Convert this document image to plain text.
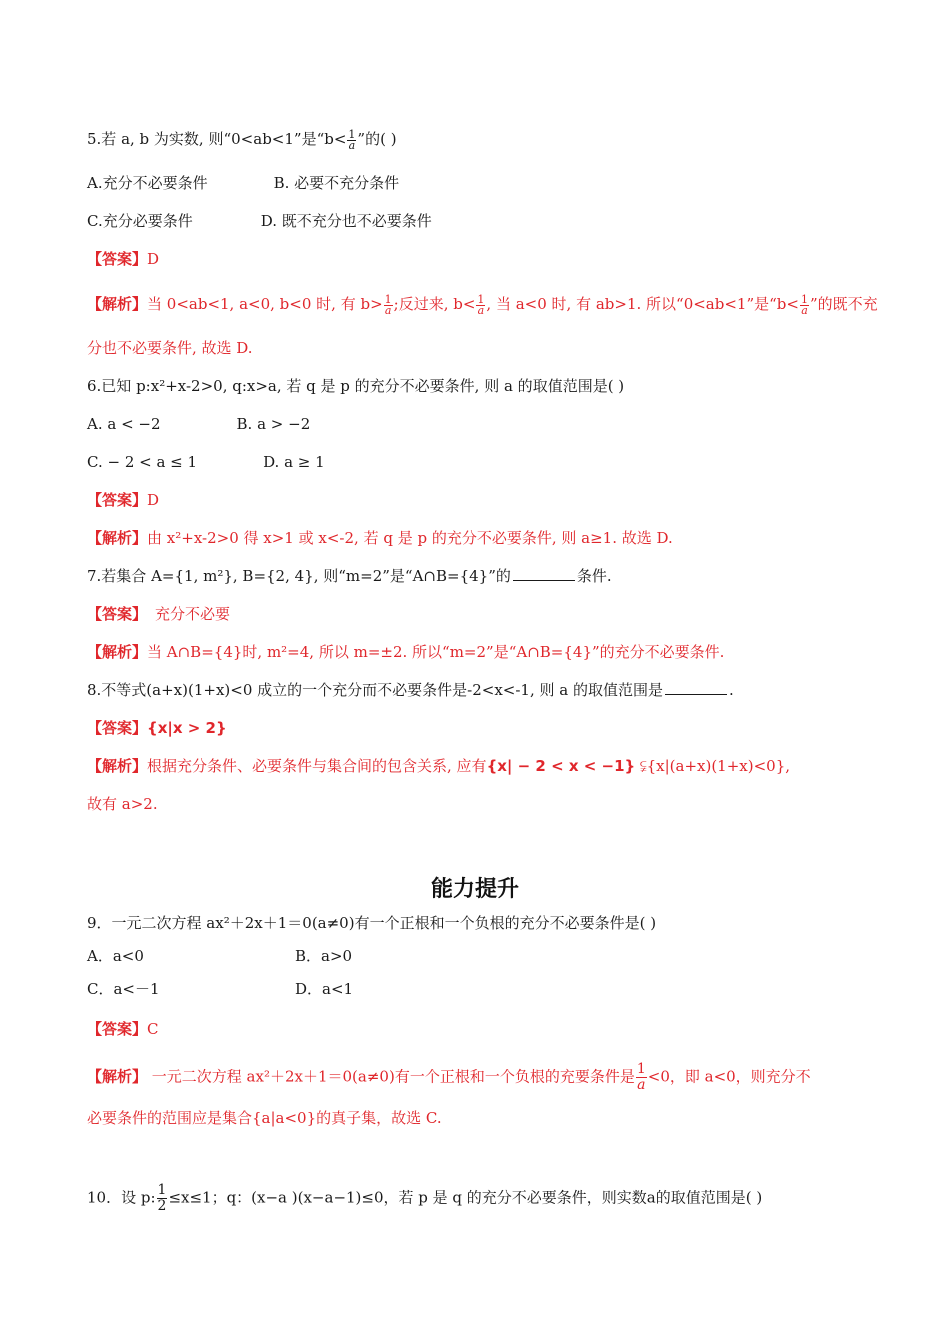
5.若 a, b 为实数, 则“0<ab<1”是“$b< \frac{1}{a}$ ”的( )
A.充分不必要条件	B. 必要不充分条件
C.充分必要条件	D. 既不充分也不必要条件
【答案】D
【解析】当 0<ab<1, a<0, b<0 时, 有 $b> \frac{1}{a}$ ;反过来, $b< \frac{1}{a}$ , 当 a<0 时, 有 ab>1. 所以“0<ab<1”是“$b< \frac{1}{a}$ ”的既不充
分也不必要条件, 故选 D.
6.已知 p:x²+x-2>0, q:x>a, 若 q 是 p 的充分不必要条件, 则 a 的取值范围是( )
A. a < −2	B. a > −2
C. − 2 < a ≤ 1	D. a ≥ 1
【答案】D
【解析】由 x²+x-2>0 得 x>1 或 x<-2, 若 q 是 p 的充分不必要条件, 则 a≥1. 故选 D.
7.若集合 A={1, m²}, B={2, 4}, 则“m=2”是“A∩B={4}”的	条件.
【答案】 充分不必要
【解析】当 A∩B={4}时, m²=4, 所以 m=±2. 所以“m=2”是“A∩B={4}”的充分不必要条件.
8.不等式(a+x)(1+x)<0 成立的一个充分而不必要条件是-2<x<-1, 则 a 的取值范围是	.
【答案】{x|x > 2}
【解析】根据充分条件、必要条件与集合间的包含关系, 应有{x| − 2 < x < −1} ⫋{x|(a+x)(1+x)<0},
故有 a>2.
能力提升
9．一元二次方程 ax²＋2x＋1＝0(a≠0)有一个正根和一个负根的充分不必要条件是( )
A．a<0	B．a>0
C．a<－1	D．a<1
【答案】C
【解析】 一元二次方程 ax²＋2x＋1＝0(a≠0)有一个正根和一个负根的充要条件是 $\frac{1}{a} <0$，即 a<0，则充分不
必要条件的范围应是集合{a|a<0}的真子集，故选 C.
10．设 p: $\frac{1}{2} \le x\le 1$；q：(x−a )(x−a−1)≤0，若 p 是 q 的充分不必要条件，则实数a的取值范围是( )
